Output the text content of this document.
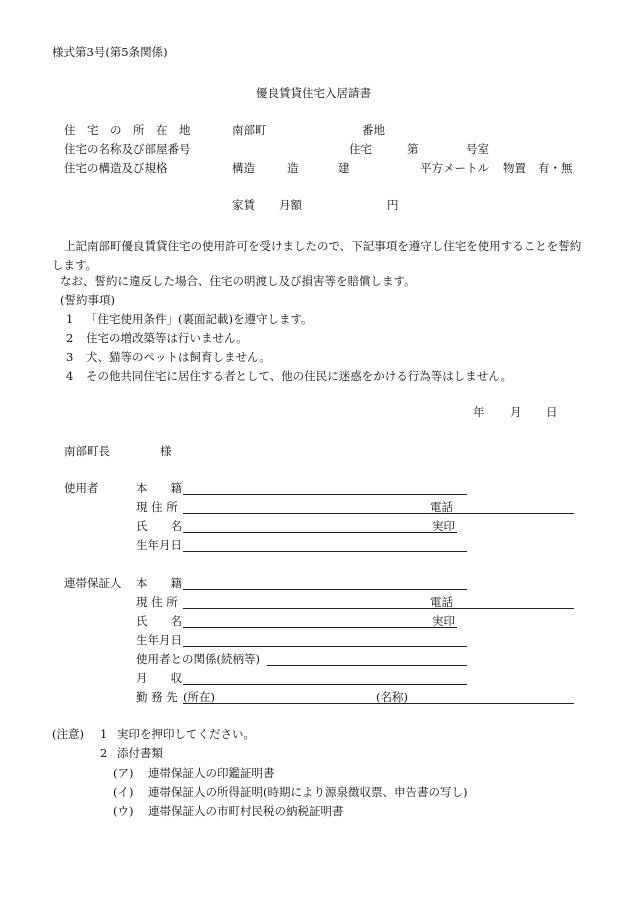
様式第3号(第5条関係)
優良賃貸住宅入居請書
住　宅　の　所　在　地	南部町	番地
住宅の名称及び部屋番号	住宅	第	号室
住宅の構造及び規格	構造	造	建	平方メートル 物置 有・無
家賃 月額	円
上記南部町優良賃貸住宅の使用許可を受けましたので、下記事項を遵守し住宅を使用することを誓約します。
なお、誓約に違反した場合、住宅の明渡し及び損害等を賠償します。
(誓約事項)
1 「住宅使用条件」(裏面記載)を遵守します。
2 住宅の増改築等は行いません。
3 犬、猫等のペットは飼育しません。
4 その他共同住宅に居住する者として、他の住民に迷惑をかける行為等はしません。
年 月 日
南部町長	様
使用者	本　　籍
現 住 所	電話
氏　　名	実印
生年月日
連帯保証人 本　　籍
現 住 所	電話
氏　　名	実印
生年月日
使用者との関係(続柄等)
月　　収
勤 務 先 (所在)	(名称)
(注意) 1 実印を押印してください。
2 添付書類
(ア) 連帯保証人の印鑑証明書
(イ) 連帯保証人の所得証明(時期により源泉徴収票、申告書の写し)
(ウ) 連帯保証人の市町村民税の納税証明書
